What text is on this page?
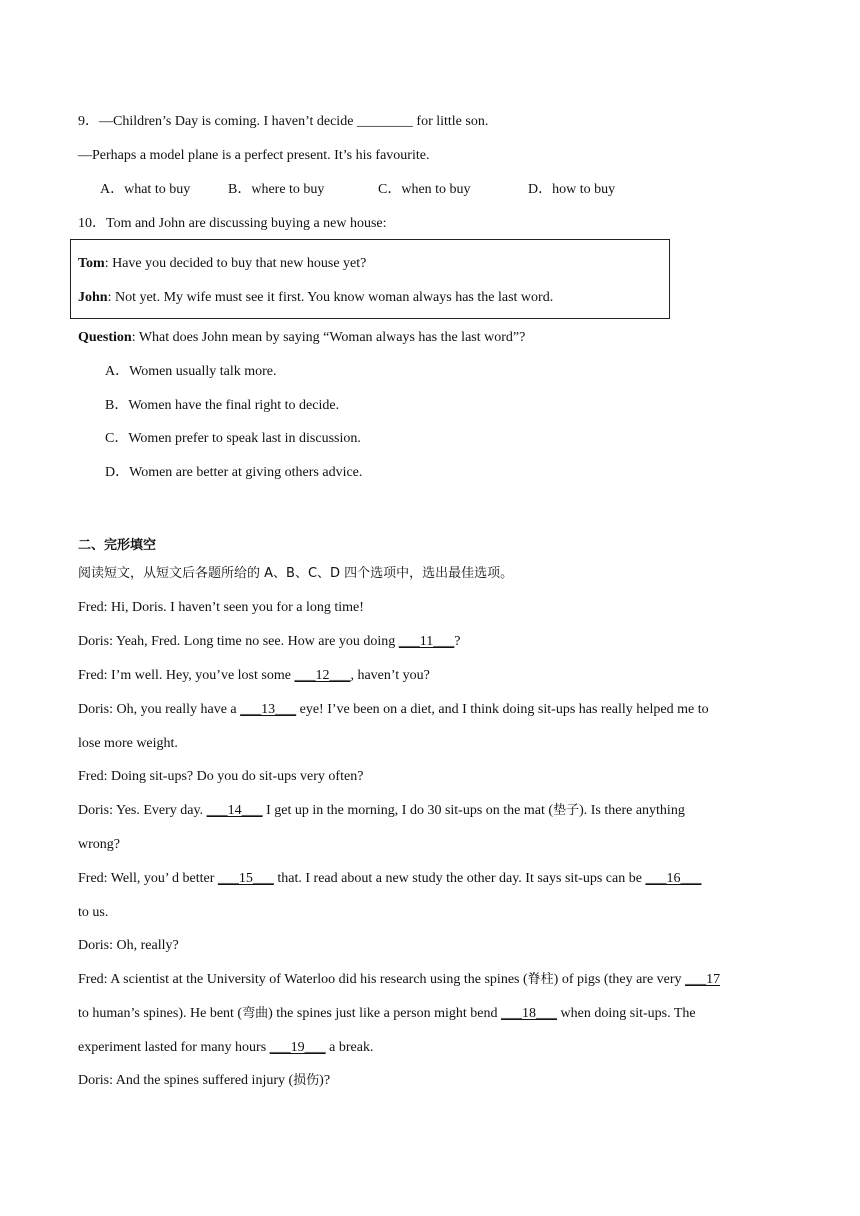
9．—Children’s Day is coming. I haven’t decide ________ for little son.
—Perhaps a model plane is a perfect present. It’s his favourite.
A．what to buy	B．where to buy	C．when to buy	D．how to buy
10．Tom and John are discussing buying a new house:
Tom: Have you decided to buy that new house yet?
John: Not yet. My wife must see it first. You know woman always has the last word.
Question: What does John mean by saying “Woman always has the last word”?
A．Women usually talk more.
B．Women have the final right to decide.
C．Women prefer to speak last in discussion.
D．Women are better at giving others advice.
二、完形填空
阅读短文，从短文后各题所给的 A、B、C、D 四个选项中，选出最佳选项。
Fred: Hi, Doris. I haven’t seen you for a long time!
Doris: Yeah, Fred. Long time no see. How are you doing ___11___?
Fred: I’m well. Hey, you’ve lost some ___12___, haven’t you?
Doris: Oh, you really have a ___13___ eye! I’ve been on a diet, and I think doing sit-ups has really helped me to
lose more weight.
Fred: Doing sit-ups? Do you do sit-ups very often?
Doris: Yes. Every day. ___14___ I get up in the morning, I do 30 sit-ups on the mat (垫子). Is there anything
wrong?
Fred: Well, you’ d better ___15___ that. I read about a new study the other day. It says sit-ups can be ___16___
to us.
Doris: Oh, really?
Fred: A scientist at the University of Waterloo did his research using the spines (脊柱) of pigs (they are very ___17
to human’s spines). He bent (弯曲) the spines just like a person might bend ___18___ when doing sit-ups. The
experiment lasted for many hours ___19___ a break.
Doris: And the spines suffered injury (损伤)?
